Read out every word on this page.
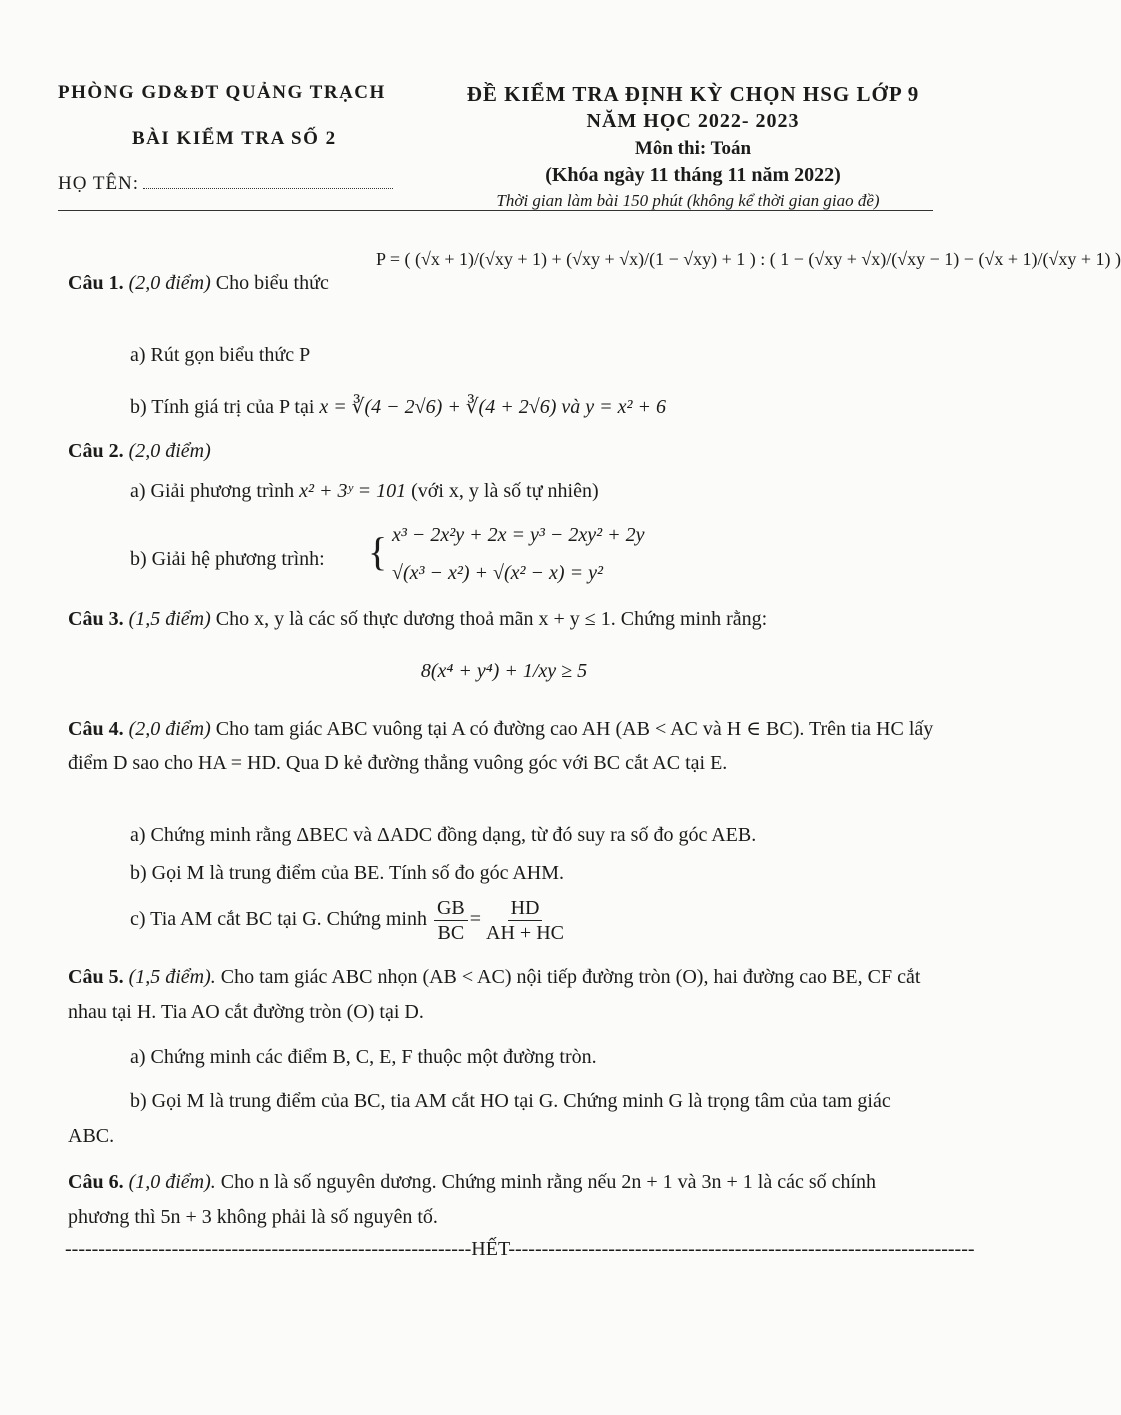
PHÒNG GD&ĐT QUẢNG TRẠCH
BÀI KIỂM TRA SỐ 2
HỌ TÊN:
ĐỀ KIỂM TRA ĐỊNH KỲ CHỌN HSG LỚP 9
NĂM HỌC 2022- 2023
Môn thi: Toán
(Khóa ngày 11 tháng 11 năm 2022)
Thời gian làm bài 150 phút (không kể thời gian giao đề)

Câu 1. (2,0 điểm) Cho biểu thức

P = ( (√x + 1)/(√xy + 1) + (√xy + √x)/(1 − √xy) + 1 ) : ( 1 − (√xy + √x)/(√xy − 1) − (√x + 1)/(√xy + 1) )

a) Rút gọn biểu thức P

b) Tính giá trị của P tại x = ∛(4 − 2√6) + ∛(4 + 2√6) và y = x² + 6

Câu 2. (2,0 điểm)

a) Giải phương trình x² + 3ʸ = 101 (với x, y là số tự nhiên)

b) Giải hệ phương trình: { x³ − 2x²y + 2x = y³ − 2xy² + 2y
√(x³ − x²) + √(x² − x) = y²

Câu 3. (1,5 điểm) Cho x, y là các số thực dương thoả mãn x + y ≤ 1. Chứng minh rằng:

8(x⁴ + y⁴) + 1/xy ≥ 5

Câu 4. (2,0 điểm) Cho tam giác ABC vuông tại A có đường cao AH (AB < AC và H ∈ BC). Trên tia HC lấy điểm D sao cho HA = HD. Qua D kẻ đường thẳng vuông góc với BC cắt AC tại E.

a) Chứng minh rằng ΔBEC và ΔADC đồng dạng, từ đó suy ra số đo góc AEB.

b) Gọi M là trung điểm của BE. Tính số đo góc AHM.

c) Tia AM cắt BC tại G. Chứng minh $\frac{GB}{BC} = \frac{HD}{AH + HC}$

Câu 5. (1,5 điểm). Cho tam giác ABC nhọn (AB < AC) nội tiếp đường tròn (O), hai đường cao BE, CF cắt nhau tại H. Tia AO cắt đường tròn (O) tại D.

a) Chứng minh các điểm B, C, E, F thuộc một đường tròn.

b) Gọi M là trung điểm của BC, tia AM cắt HO tại G. Chứng minh G là trọng tâm của tam giác ABC.

Câu 6. (1,0 điểm). Cho n là số nguyên dương. Chứng minh rằng nếu 2n + 1 và 3n + 1 là các số chính phương thì 5n + 3 không phải là số nguyên tố.

-------------------------------------------------------------HẾT----------------------------------------------------------------------
